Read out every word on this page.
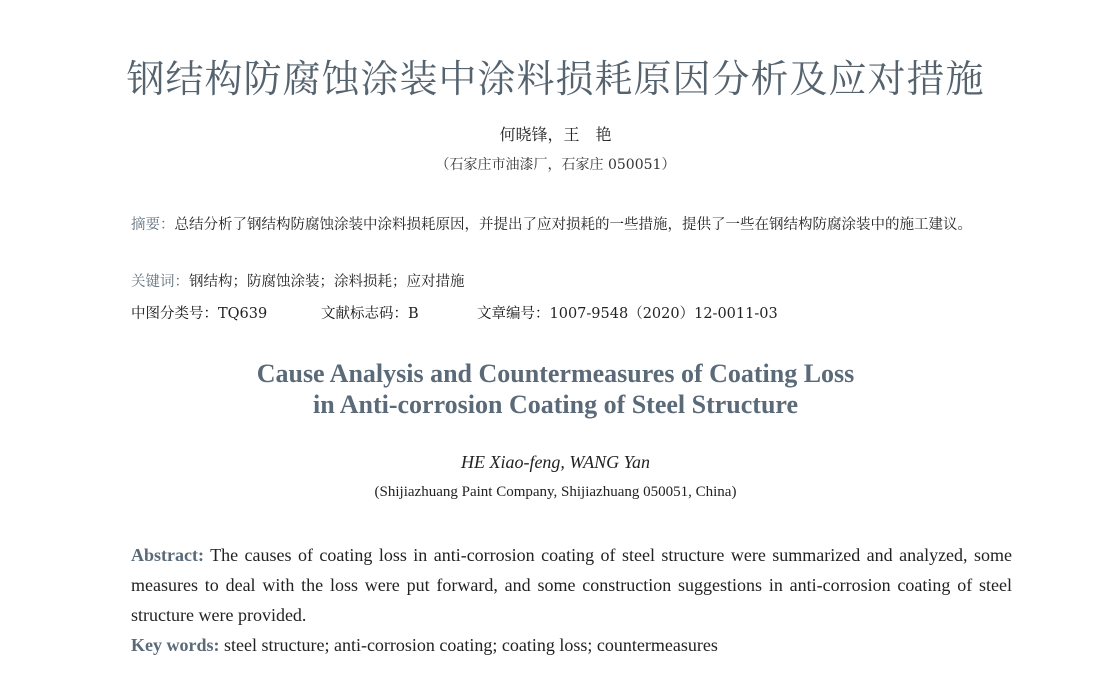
钢结构防腐蚀涂装中涂料损耗原因分析及应对措施
何晓锋，王　艳
（石家庄市油漆厂，石家庄 050051）
摘要：总结分析了钢结构防腐蚀涂装中涂料损耗原因，并提出了应对损耗的一些措施，提供了一些在钢结构防腐涂装中的施工建议。
关键词：钢结构；防腐蚀涂装；涂料损耗；应对措施
中图分类号：TQ639	文献标志码：B	文章编号：1007-9548（2020）12-0011-03
Cause Analysis and Countermeasures of Coating Loss
in Anti-corrosion Coating of Steel Structure
HE Xiao-feng, WANG Yan
(Shijiazhuang Paint Company, Shijiazhuang 050051, China)
Abstract: The causes of coating loss in anti-corrosion coating of steel structure were summarized and analyzed, some measures to deal with the loss were put forward, and some construction suggestions in anti-corrosion coating of steel structure were provided.
Key words: steel structure; anti-corrosion coating; coating loss; countermeasures
